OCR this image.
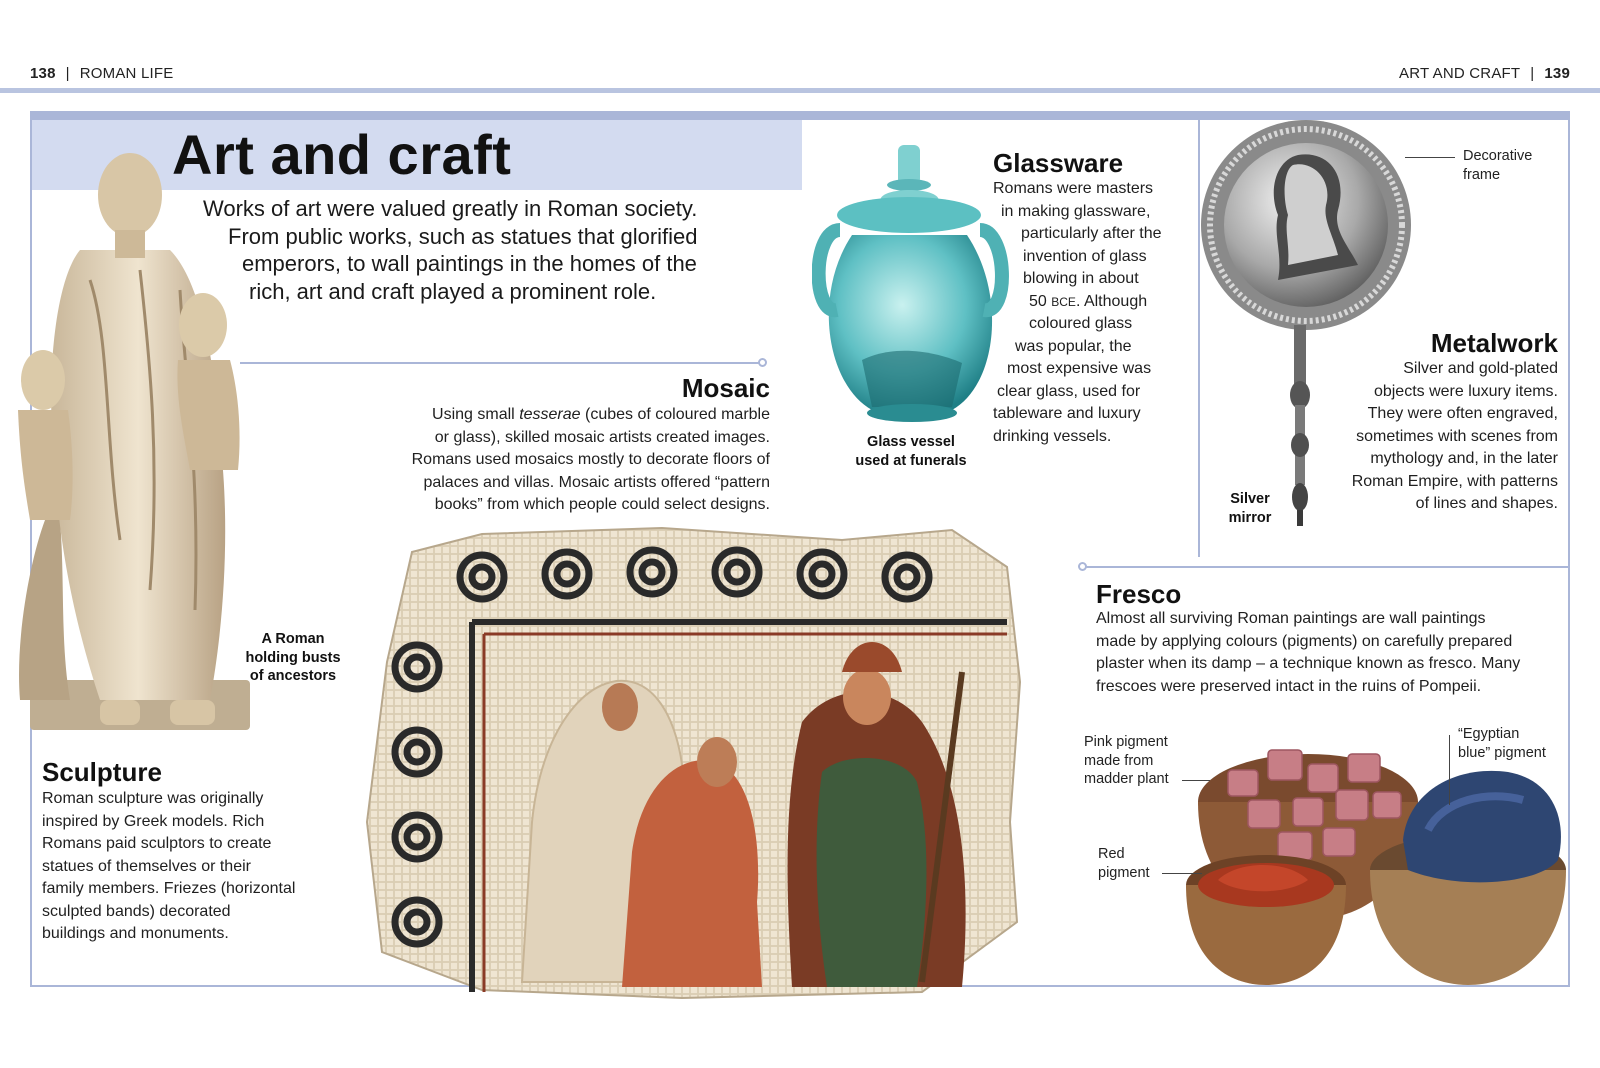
138 | ROMAN LIFE	ART AND CRAFT | 139
Art and craft

Works of art were valued greatly in Roman society.

From public works, such as statues that glorified

emperors, to wall paintings in the homes of the

rich, art and craft played a prominent role.

A Roman
holding busts
of ancestors
Sculpture

Roman sculpture was originally

inspired by Greek models. Rich

Romans paid sculptors to create

statues of themselves or their

family members. Friezes (horizontal

sculpted bands) decorated

buildings and monuments.

Mosaic

Using small tesserae (cubes of coloured marble

or glass), skilled mosaic artists created images.

Romans used mosaics mostly to decorate floors of

palaces and villas. Mosaic artists offered “pattern

books” from which people could select designs.

Glass vessel
used at funerals
Glassware

Romans were masters

in making glassware,

particularly after the

invention of glass

blowing in about

50 BCE. Although

coloured glass

was popular, the

most expensive was

clear glass, used for

tableware and luxury

drinking vessels.

Decorative
frame
Silver
mirror
Metalwork

Silver and gold-plated

objects were luxury items.

They were often engraved,

sometimes with scenes from

mythology and, in the later

Roman Empire, with patterns

of lines and shapes.

Fresco

Almost all surviving Roman paintings are wall paintings

made by applying colours (pigments) on carefully prepared

plaster when its damp – a technique known as fresco. Many

frescoes were preserved intact in the ruins of Pompeii.

Pink pigment
made from
madder plant
Red
pigment
“Egyptian
blue” pigment
